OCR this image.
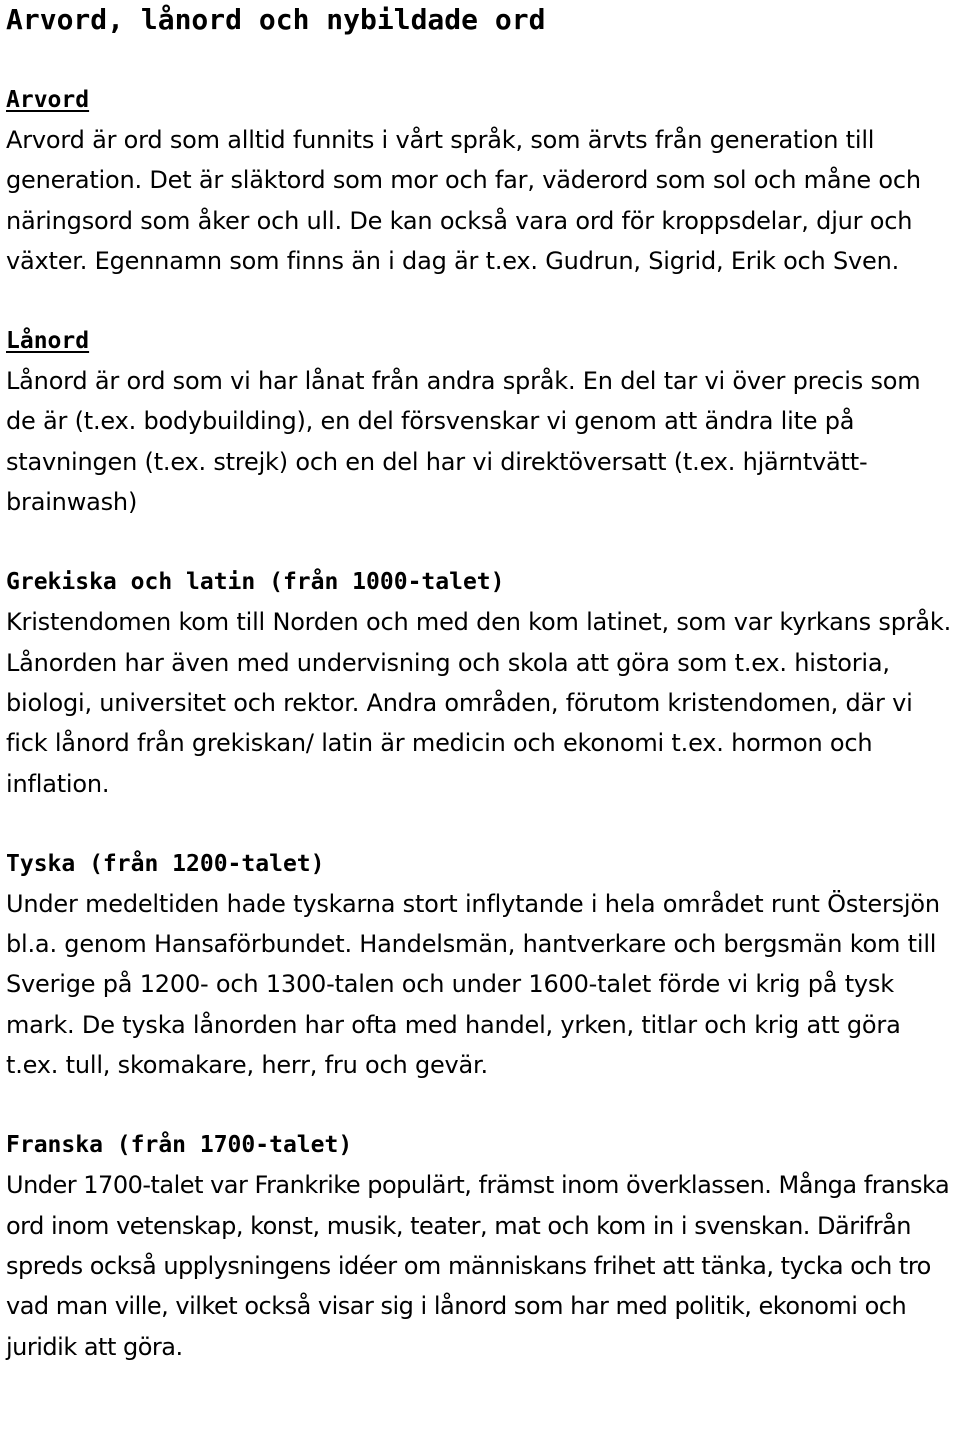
Arvord, lånord och nybildade ord
Arvord

Arvord är ord som alltid funnits i vårt språk, som ärvts från generation till generation. Det är släktord som mor och far, väderord som sol och måne och näringsord som åker och ull. De kan också vara ord för kroppsdelar, djur och växter. Egennamn som finns än i dag är t.ex. Gudrun, Sigrid, Erik och Sven.

Lånord

Lånord är ord som vi har lånat från andra språk. En del tar vi över precis som de är (t.ex. bodybuilding), en del försvenskar vi genom att ändra lite på stavningen (t.ex. strejk) och en del har vi direktöversatt (t.ex. hjärntvätt-brainwash)

Grekiska och latin (från 1000-talet)

Kristendomen kom till Norden och med den kom latinet, som var kyrkans språk. Lånorden har även med undervisning och skola att göra som t.ex. historia, biologi, universitet och rektor. Andra områden, förutom kristendomen, där vi fick lånord från grekiskan/ latin är medicin och ekonomi t.ex. hormon och inflation.

Tyska (från 1200-talet)

Under medeltiden hade tyskarna stort inflytande i hela området runt Östersjön bl.a. genom Hansaförbundet. Handelsmän, hantverkare och bergsmän kom till Sverige på 1200- och 1300-talen och under 1600-talet förde vi krig på tysk mark. De tyska lånorden har ofta med handel, yrken, titlar och krig att göra t.ex. tull, skomakare, herr, fru och gevär.

Franska (från 1700-talet)

Under 1700-talet var Frankrike populärt, främst inom överklassen. Många franska ord inom vetenskap, konst, musik, teater, mat och kom in i svenskan. Därifrån spreds också upplysningens idéer om människans frihet att tänka, tycka och tro vad man ville, vilket också visar sig i lånord som har med politik, ekonomi och juridik att göra.
